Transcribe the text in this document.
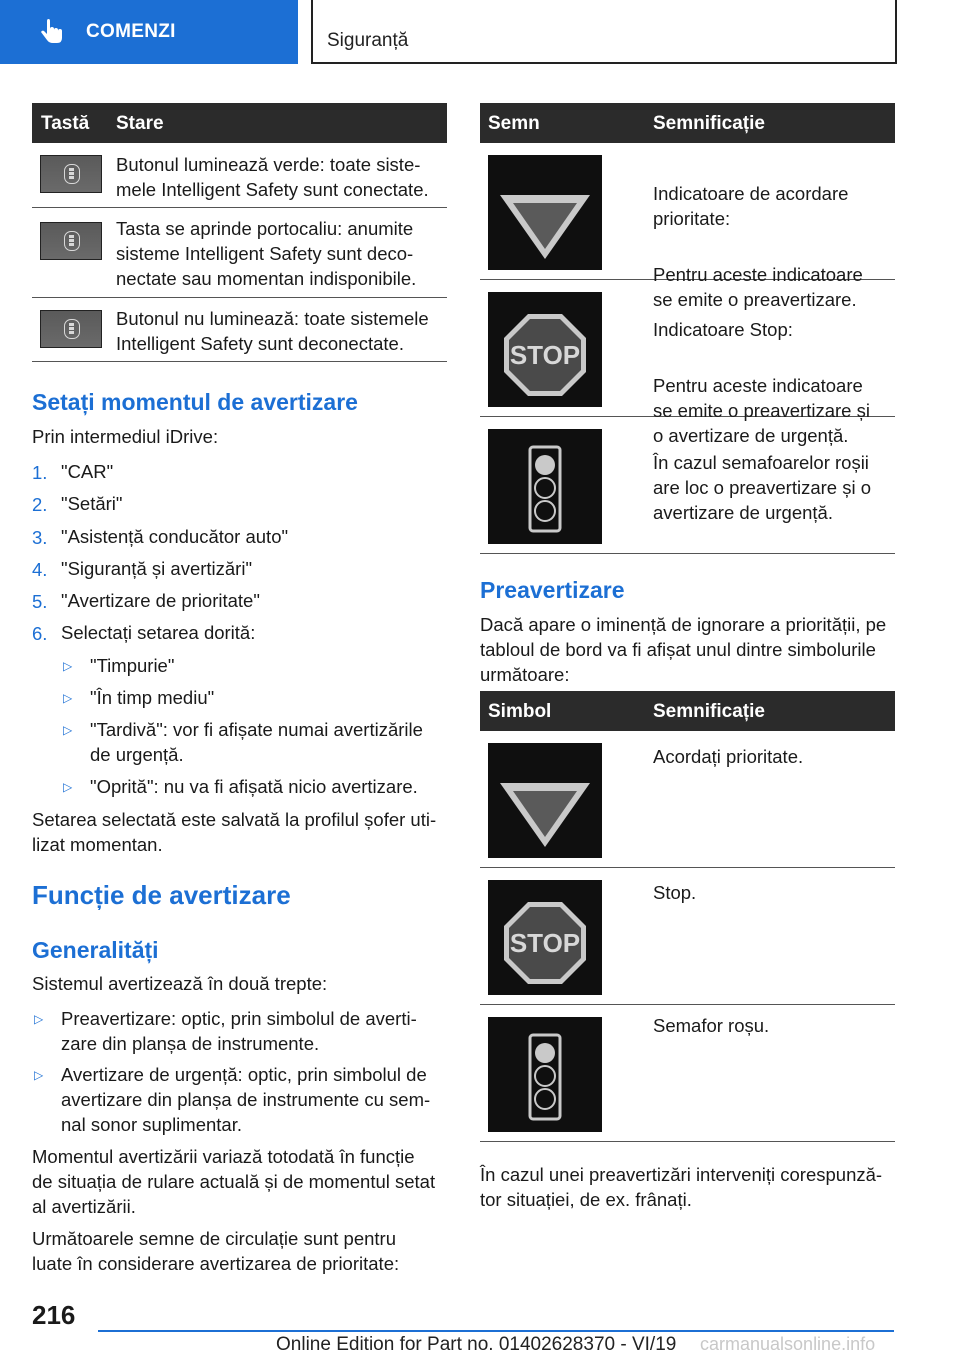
COMENZI	Siguranță
Tastă Stare
Butonul luminează verde: toate siste-
mele Intelligent Safety sunt conectate.
Tasta se aprinde portocaliu: anumite
sisteme Intelligent Safety sunt deco-
nectate sau momentan indisponibile.
Butonul nu luminează: toate sistemele
Intelligent Safety sunt deconectate.
Setați momentul de avertizare
Prin intermediul iDrive:
1. "CAR"
2. "Setări"
3. "Asistență conducător auto"
4. "Siguranță și avertizări"
5. "Avertizare de prioritate"
6. Selectați setarea dorită:
▷ "Timpurie"
▷ "În timp mediu"
▷ "Tardivă": vor fi afișate numai avertizările
de urgență.
▷ "Oprită": nu va fi afișată nicio avertizare.
Setarea selectată este salvată la profilul șofer uti-
lizat momentan.
Funcție de avertizare
Generalități
Sistemul avertizează în două trepte:
▷ Preavertizare: optic, prin simbolul de averti-
zare din planșa de instrumente.
▷ Avertizare de urgență: optic, prin simbolul de
avertizare din planșa de instrumente cu sem-
nal sonor suplimentar.
Momentul avertizării variază totodată în funcție
de situația de rulare actuală și de momentul setat
al avertizării.
Următoarele semne de circulație sunt pentru
luate în considerare avertizarea de prioritate:
Semn	Semnificație

Indicatoare de acordare
prioritate:

Pentru aceste indicatoare
se emite o preavertizare.

STOP

Indicatoare Stop:

Pentru aceste indicatoare
se emite o preavertizare și
o avertizare de urgență.

În cazul semafoarelor roșii
are loc o preavertizare și o
avertizare de urgență.

Preavertizare
Dacă apare o iminență de ignorare a priorității, pe
tabloul de bord va fi afișat unul dintre simbolurile
următoare:
Simbol	Semnificație
Acordați prioritate.
STOP
Stop.
Semafor roșu.
În cazul unei preavertizări interveniți corespunză-
tor situației, de ex. frânați.
216
Online Edition for Part no. 01402628370 - VI/19 carmanualsonline.info
